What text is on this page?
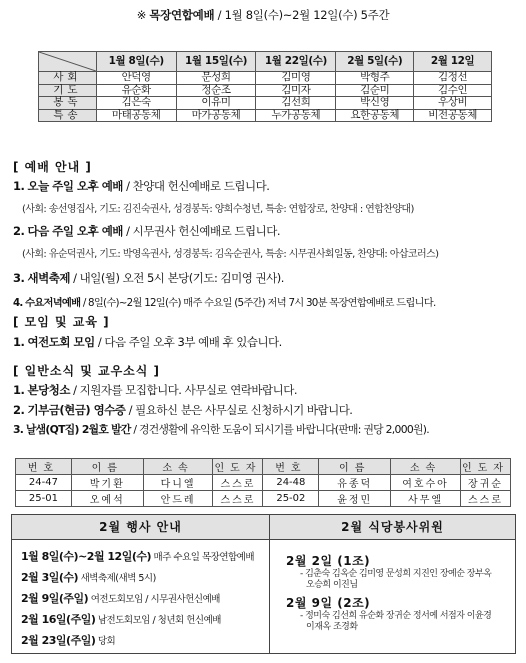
※ 목장연합예배 / 1월 8일(수)~2월 12일(수) 5주간
	1월 8일(수)	1월 15일(수)	1월 22일(수)	2월 5일(수)	2월 12일
사회	안덕영	문성희	김미영	박형주	김정선
기도	유순화	정순조	김미자	김순미	김수인
봉독	김은숙	이유미	김선희	박신영	우상비
특송	마태공동체	마가공동체	누가공동체	요한공동체	비전공동체
[ 예배 안내 ]
1. 오늘 주일 오후 예배 / 찬양대 헌신예배로 드립니다.
(사회: 송선영집사, 기도: 김진숙권사, 성경봉독: 양희수청년, 특송: 연합장로, 찬양대 : 연합찬양대)
2. 다음 주일 오후 예배 / 시무권사 헌신예배로 드립니다.
(사회: 유순덕권사, 기도: 박영옥권사, 성경봉독: 김옥순권사, 특송: 시무권사회일동, 찬양대: 아삽코러스)
3. 새벽축제 / 내일(월) 오전 5시 본당(기도: 김미영 권사).
4. 수요저녁예배 / 8일(수)~2월 12일(수) 매주 수요일 (5주간) 저녁 7시 30분 목장연합예배로 드립니다.
[ 모임 및 교육 ]
1. 여전도회 모임 / 다음 주일 오후 3부 예배 후 있습니다.
[ 일반소식 및 교우소식 ]
1. 본당청소 / 지원자를 모집합니다. 사무실로 연락바랍니다.
2. 기부금(현금) 영수증 / 필요하신 분은 사무실로 신청하시기 바랍니다.
3. 날샘(QT집) 2월호 발간 / 경건생활에 유익한 도움이 되시기를 바랍니다(판매: 권당 2,000원).
번호	이름	소속	인도자	번호	이름	소속	인도자
24-47	박기환	다니엘	스스로	24-48	유종덕	여호수아	장귀순
25-01	오예석	안드레	스스로	25-02	윤정민	사무엘	스스로
2월 행사 안내
1월 8일(수)~2월 12일(수) 매주 수요일 목장연합예배
2월 3일(수) 새벽축제(새벽 5시)
2월 9일(주일) 여전도회모임 / 시무권사헌신예배
2월 16일(주일) 남전도회모임 / 청년회 헌신예배
2월 23일(주일) 당회
2월 식당봉사위원
2월 2일 (1조)
- 김춘숙 김옥순 김미영 문성희 지진인 장예순 장부옥
오승희 이진님
2월 9일 (2조)
- 정미숙 김선희 유순화 장귀순 정서예 서점자 이윤경
이재옥 조경화
